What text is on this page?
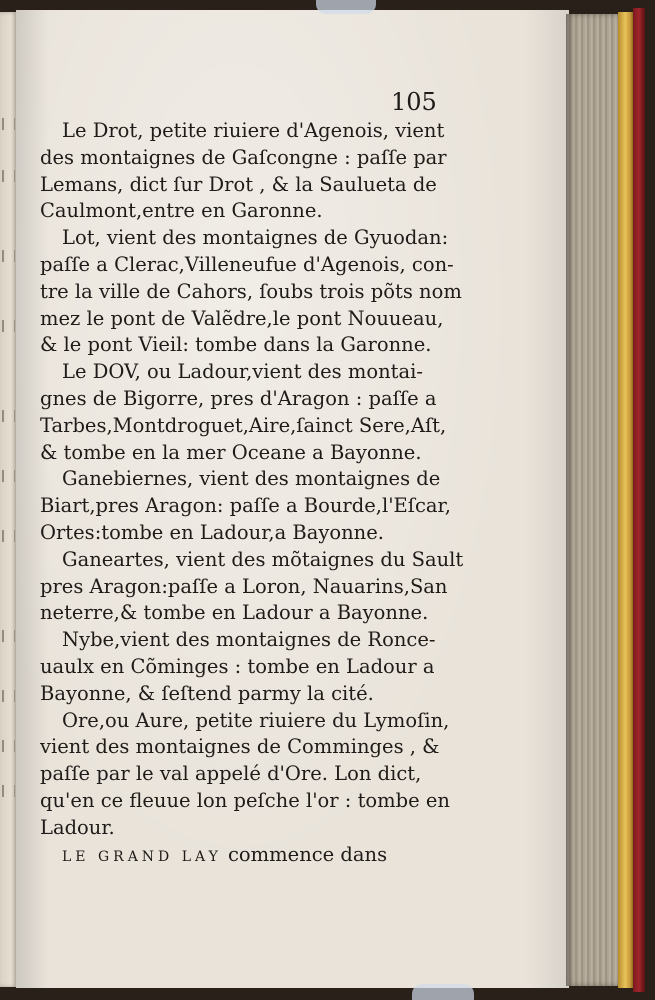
105
Le Drot, petite riuiere d'Agenois, vient
des montaignes de Gaſcongne : paſſe par
Lemans, dict ſur Drot , & la Saulueta de
Caulmont,entre en Garonne.
Lot, vient des montaignes de Gyuodan:
paſſe a Clerac,Villeneufue d'Agenois, con-
tre la ville de Cahors, ſoubs trois põts nom
mez le pont de Valẽdre,le pont Nouueau,
& le pont Vieil: tombe dans la Garonne.
Le DOV, ou Ladour,vient des montai-
gnes de Bigorre, pres d'Aragon : paſſe a
Tarbes,Montdroguet,Aire,ſainct Sere,Aſt,
& tombe en la mer Oceane a Bayonne.
Ganebiernes, vient des montaignes de
Biart,pres Aragon: paſſe a Bourde,l'Eſcar,
Ortes:tombe en Ladour,a Bayonne.
Ganeartes, vient des mõtaignes du Sault
pres Aragon:paſſe a Loron, Nauarins,San
neterre,& tombe en Ladour a Bayonne.
Nybe,vient des montaignes de Ronce-
uaulx en Cõminges : tombe en Ladour a
Bayonne, & ſeſtend parmy la cité.
Ore,ou Aure, petite riuiere du Lymoſin,
vient des montaignes de Comminges , &
paſſe par le val appelé d'Ore. Lon dict,
qu'en ce fleuue lon peſche l'or : tombe en
Ladour.
LE GRAND LAY commence dans
